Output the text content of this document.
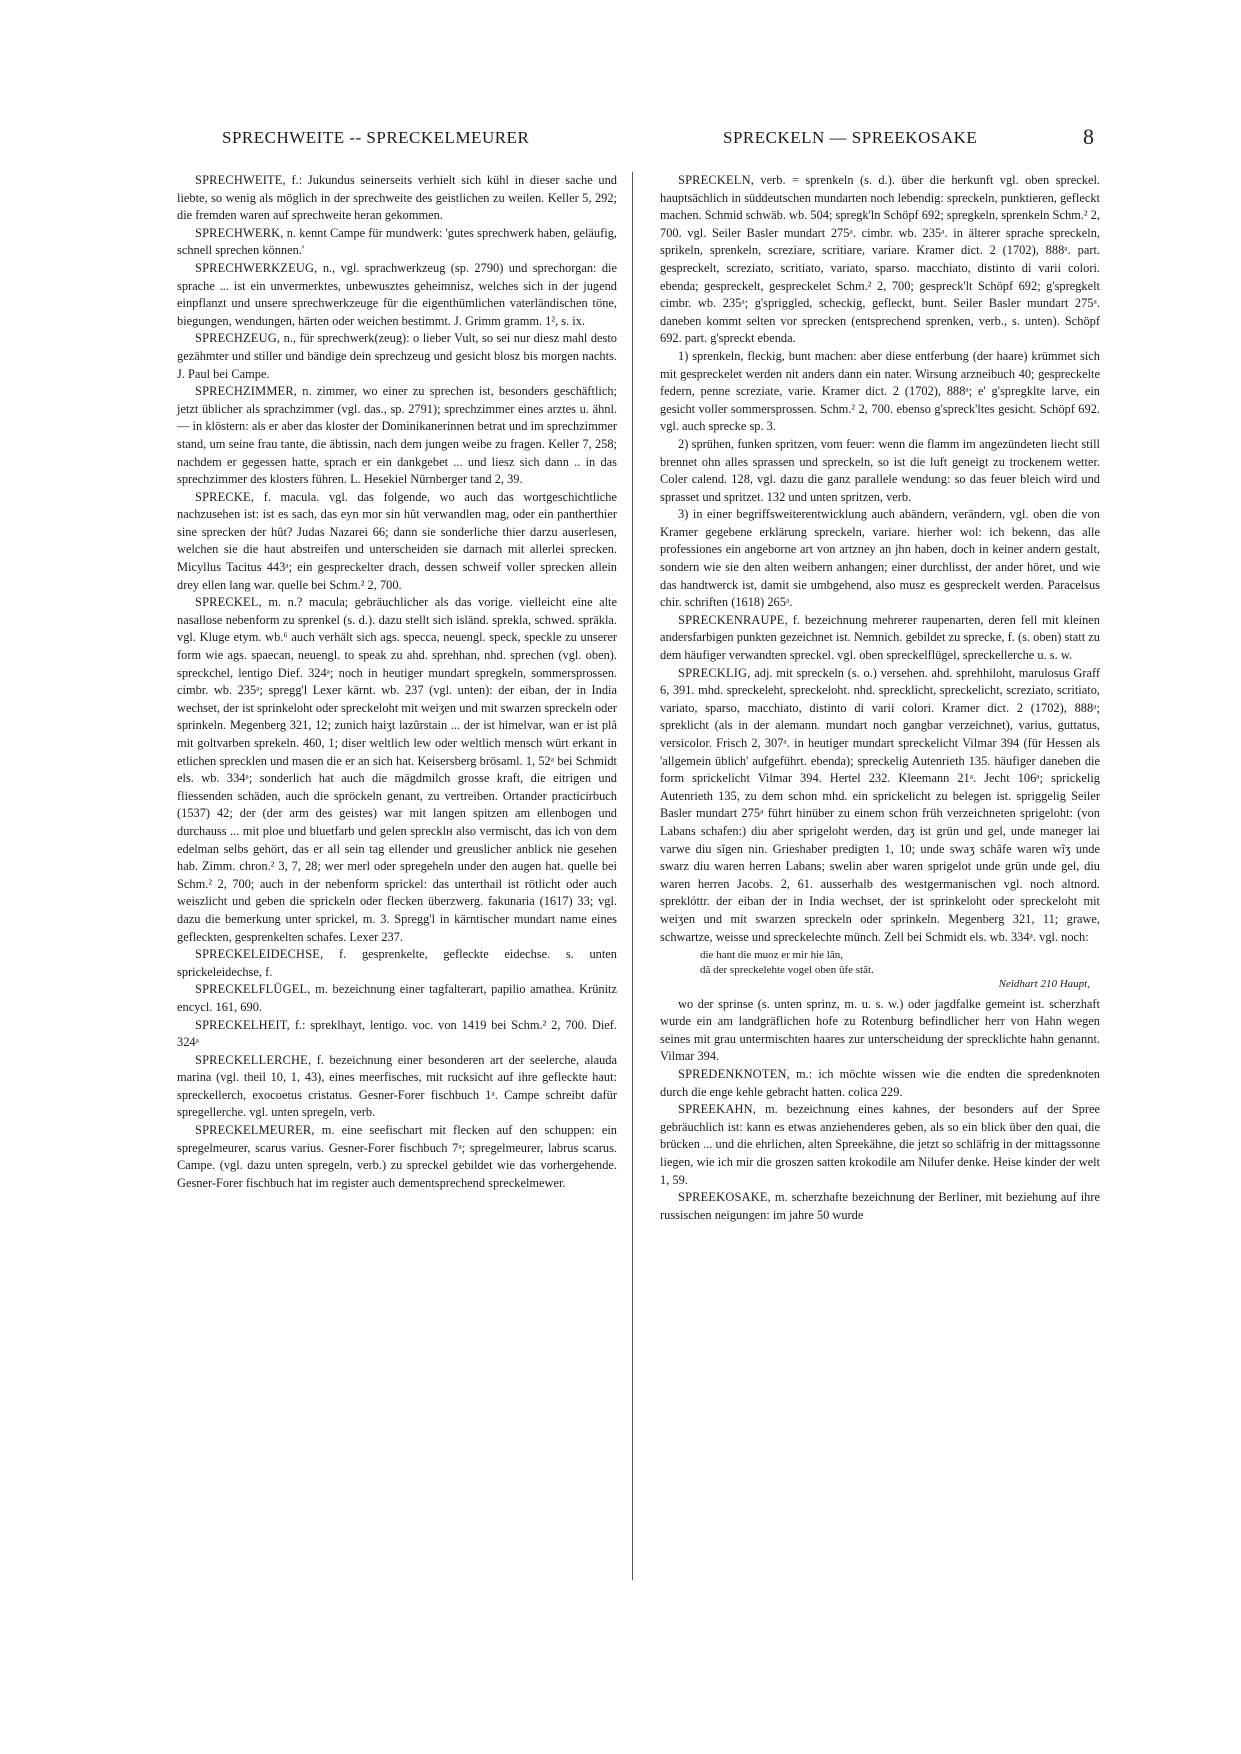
SPRECHWEITE -- SPRECKELMEURER	SPRECKELN — SPREEKOSAKE	8

SPRECHWEITE, f.: Jukundus seinerseits verhielt sich kühl in dieser sache und liebte, so wenig als möglich in der sprechweite des geistlichen zu weilen. Keller 5, 292; die fremden waren auf sprechweite heran gekommen.

SPRECHWERK, n. kennt Campe für mundwerk: 'gutes sprechwerk haben, geläufig, schnell sprechen können.'

SPRECHWERKZEUG, n., vgl. sprachwerkzeug (sp. 2790) und sprechorgan: die sprache ... ist ein unvermerktes, unbewusztes geheimnisz, welches sich in der jugend einpflanzt und unsere sprechwerkzeuge für die eigenthümlichen vaterländischen töne, biegungen, wendungen, härten oder weichen bestimmt. J. Grimm gramm. 1², s. ix.

SPRECHZEUG, n., für sprechwerk(zeug): o lieber Vult, so sei nur diesz mahl desto gezähmter und stiller und bändige dein sprechzeug und gesicht blosz bis morgen nachts. J. Paul bei Campe.

SPRECHZIMMER, n. zimmer, wo einer zu sprechen ist, besonders geschäftlich; jetzt üblicher als sprachzimmer (vgl. das., sp. 2791); sprechzimmer eines arztes u. ähnl. — in klöstern: als er aber das kloster der Dominikanerinnen betrat und im sprechzimmer stand, um seine frau tante, die äbtissin, nach dem jungen weibe zu fragen. Keller 7, 258; nachdem er gegessen hatte, sprach er ein dankgebet ... und liesz sich dann .. in das sprechzimmer des klosters führen. L. Hesekiel Nürnberger tand 2, 39.

SPRECKE, f. macula. vgl. das folgende, wo auch das wortgeschichtliche nachzusehen ist: ist es sach, das eyn mor sin hût verwandlen mag, oder ein pantherthier sine sprecken der hût? Judas Nazarei 66; dann sie sonderliche thier darzu auserlesen, welchen sie die haut abstreifen und unterscheiden sie darnach mit allerlei sprecken. Micyllus Tacitus 443ᵃ; ein gespreckelter drach, dessen schweif voller sprecken allein drey ellen lang war. quelle bei Schm.² 2, 700.

SPRECKEL, m. n.? macula; gebräuchlicher als das vorige. vielleicht eine alte nasallose nebenform zu sprenkel (s. d.). dazu stellt sich isländ. sprekla, schwed. spräkla. vgl. Kluge etym. wb.⁶ auch verhält sich ags. specca, neuengl. speck, speckle zu unserer form wie ags. spaecan, neuengl. to speak zu ahd. sprehhan, nhd. sprechen (vgl. oben). spreckchel, lentigo Dief. 324ᵃ; noch in heutiger mundart spregkeln, sommersprossen. cimbr. wb. 235ᵃ; spregg'l Lexer kärnt. wb. 237 (vgl. unten): der eiban, der in India wechset, der ist sprinkeloht oder spreckeloht mit weiʒen und mit swarzen spreckeln oder sprinkeln. Megenberg 321, 12; zunich haiʒt lazûrstain ... der ist himelvar, wan er ist plâ mit goltvarben sprekeln. 460, 1; diser weltlich lew oder weltlich mensch würt erkant in etlichen sprecklen und masen die er an sich hat. Keisersberg brösaml. 1, 52ᵃ bei Schmidt els. wb. 334ᵃ; sonderlich hat auch die mägdmilch grosse kraft, die eitrigen und fliessenden schäden, auch die spröckeln genant, zu vertreiben. Ortander practicirbuch (1537) 42; der (der arm des geistes) war mit langen spitzen am ellenbogen und durchauss ... mit ploe und bluetfarb und gelen sprecklн also vermischt, das ich von dem edelman selbs gehört, das er all sein tag ellender und greuslicher anblick nie gesehen hab. Zimm. chron.² 3, 7, 28; wer merl oder spregeheln under den augen hat. quelle bei Schm.² 2, 700; auch in der nebenform sprickel: das unterthail ist rötlicht oder auch weiszlicht und geben die sprickeln oder flecken überzwerg. fakunaria (1617) 33; vgl. dazu die bemerkung unter sprickel, m. 3. Spregg'l in kärntischer mundart name eines gefleckten, gesprenkelten schafes. Lexer 237.

SPRECKELEIDECHSE, f. gesprenkelte, gefleckte eidechse. s. unten sprickeleidechse, f.

SPRECKELFLÜGEL, m. bezeichnung einer tagfalterart, papilio amathea. Krünitz encycl. 161, 690.

SPRECKELHEIT, f.: spreklhayt, lentigo. voc. von 1419 bei Schm.² 2, 700. Dief. 324ᵃ

SPRECKELLERCHE, f. bezeichnung einer besonderen art der seelerche, alauda marina (vgl. theil 10, 1, 43), eines meerfisches, mit rucksicht auf ihre gefleckte haut: spreckellerch, exocoetus cristatus. Gesner-Forer fischbuch 1ᵃ. Campe schreibt dafür spregellerche. vgl. unten spregeln, verb.

SPRECKELMEURER, m. eine seefischart mit flecken auf den schuppen: ein spregelmeurer, scarus varius. Gesner-Forer fischbuch 7ᵃ; spregelmeurer, labrus scarus. Campe. (vgl. dazu unten spregeln, verb.) zu spreckel gebildet wie das vorhergehende. Gesner-Forer fischbuch hat im register auch dementsprechend spreckelmewer.

SPRECKELN, verb. = sprenkeln (s. d.). über die herkunft vgl. oben spreckel. hauptsächlich in süddeutschen mundarten noch lebendig: spreckeln, punktieren, gefleckt machen. Schmid schwäb. wb. 504; spregk'ln Schöpf 692; spregkeln, sprenkeln Schm.² 2, 700. vgl. Seiler Basler mundart 275ᵃ. cimbr. wb. 235ᵃ. in älterer sprache spreckeln, sprikeln, sprenkeln, screziare, scritiare, variare. Kramer dict. 2 (1702), 888ᵃ. part. gespreckelt, screziato, scritiato, variato, sparso. macchiato, distinto di varii colori. ebenda; gespreckelt, gespreckelet Schm.² 2, 700; gespreck'lt Schöpf 692; g'spregkelt cimbr. wb. 235ᵃ; g'spriggled, scheckig, gefleckt, bunt. Seiler Basler mundart 275ᵃ. daneben kommt selten vor sprecken (entsprechend sprenken, verb., s. unten). Schöpf 692. part. g'spreckt ebenda.

1) sprenkeln, fleckig, bunt machen: aber diese entferbung (der haare) krümmet sich mit gespreckelet werden nit anders dann ein nater. Wirsung arzneibuch 40; gespreckelte federn, penne screziate, varie. Kramer dict. 2 (1702), 888ᵃ; e' g'spregklte larve, ein gesicht voller sommersprossen. Schm.² 2, 700. ebenso g'spreck'ltes gesicht. Schöpf 692. vgl. auch sprecke sp. 3.

2) sprühen, funken spritzen, vom feuer: wenn die flamm im angezündeten liecht still brennet ohn alles sprassen und spreckeln, so ist die luft geneigt zu trockenem wetter. Coler calend. 128, vgl. dazu die ganz parallele wendung: so das feuer bleich wird und sprasset und spritzet. 132 und unten spritzen, verb.

3) in einer begriffsweiterentwicklung auch abändern, verändern, vgl. oben die von Kramer gegebene erklärung spreckeln, variare. hierher wol: ich bekenn, das alle professiones ein angeborne art von artzney an jhn haben, doch in keiner andern gestalt, sondern wie sie den alten weibern anhangen; einer durchlisst, der ander höret, und wie das handtwerck ist, damit sie umbgehend, also musz es gespreckelt werden. Paracelsus chir. schriften (1618) 265ᵃ.

SPRECKENRAUPE, f. bezeichnung mehrerer raupenarten, deren fell mit kleinen andersfarbigen punkten gezeichnet ist. Nemnich. gebildet zu sprecke, f. (s. oben) statt zu dem häufiger verwandten spreckel. vgl. oben spreckelflügel, spreckellerche u. s. w.

SPRECKLIG, adj. mit spreckeln (s. o.) versehen. ahd. sprehhiloht, marulosus Graff 6, 391. mhd. spreckeleht, spreckeloht. nhd. sprecklicht, spreckelicht, screziato, scritiato, variato, sparso, macchiato, distinto di varii colori. Kramer dict. 2 (1702), 888ᵃ; spreklicht (als in der alemann. mundart noch gangbar verzeichnet), varius, guttatus, versicolor. Frisch 2, 307ᵃ. in heutiger mundart spreckelicht Vilmar 394 (für Hessen als 'allgemein üblich' aufgeführt. ebenda); spreckelig Autenrieth 135. häufiger daneben die form sprickelicht Vilmar 394. Hertel 232. Kleemann 21ᵃ. Jecht 106ᵃ; sprickelig Autenrieth 135, zu dem schon mhd. ein sprickelicht zu belegen ist. spriggelig Seiler Basler mundart 275ᵃ führt hinüber zu einem schon früh verzeichneten sprigeloht: (von Labans schafen:) diu aber sprigeloht werden, daʒ ist grün und gel, unde maneger lai varwe diu sîgen nin. Grieshaber predigten 1, 10; unde swaʒ schâfe waren wîʒ unde swarz diu waren herren Labans; swelin aber waren sprigelot unde grün unde gel, diu waren herren Jacobs. 2, 61. ausserhalb des westgermanischen vgl. noch altnord. spreklóttr. der eiban der in India wechset, der ist sprinkeloht oder spreckeloht mit weiʒen und mit swarzen spreckeln oder sprinkeln. Megenberg 321, 11; grawe, schwartze, weisse und spreckelechte münch. Zell bei Schmidt els. wb. 334ᵃ. vgl. noch:

die hant die muoz er mir hie lân,
dâ der spreckelehte vogel oben ûfe stât.
Neidhart 210 Haupt,

wo der sprinse (s. unten sprinz, m. u. s. w.) oder jagdfalke gemeint ist. scherzhaft wurde ein am landgräflichen hofe zu Rotenburg befindlicher herr von Hahn wegen seines mit grau untermischten haares zur unterscheidung der sprecklichte hahn genannt. Vilmar 394.

SPREDENKNOTEN, m.: ich möchte wissen wie die endten die spredenknoten durch die enge kehle gebracht hatten. colica 229.

SPREEKAHN, m. bezeichnung eines kahnes, der besonders auf der Spree gebräuchlich ist: kann es etwas anziehenderes geben, als so ein blick über den quai, die brücken ... und die ehrlichen, alten Spreekähne, die jetzt so schläfrig in der mittagssonne liegen, wie ich mir die groszen satten krokodile am Nilufer denke. Heise kinder der welt 1, 59.

SPREEKOSAKE, m. scherzhafte bezeichnung der Berliner, mit beziehung auf ihre russischen neigungen: im jahre 50 wurde
